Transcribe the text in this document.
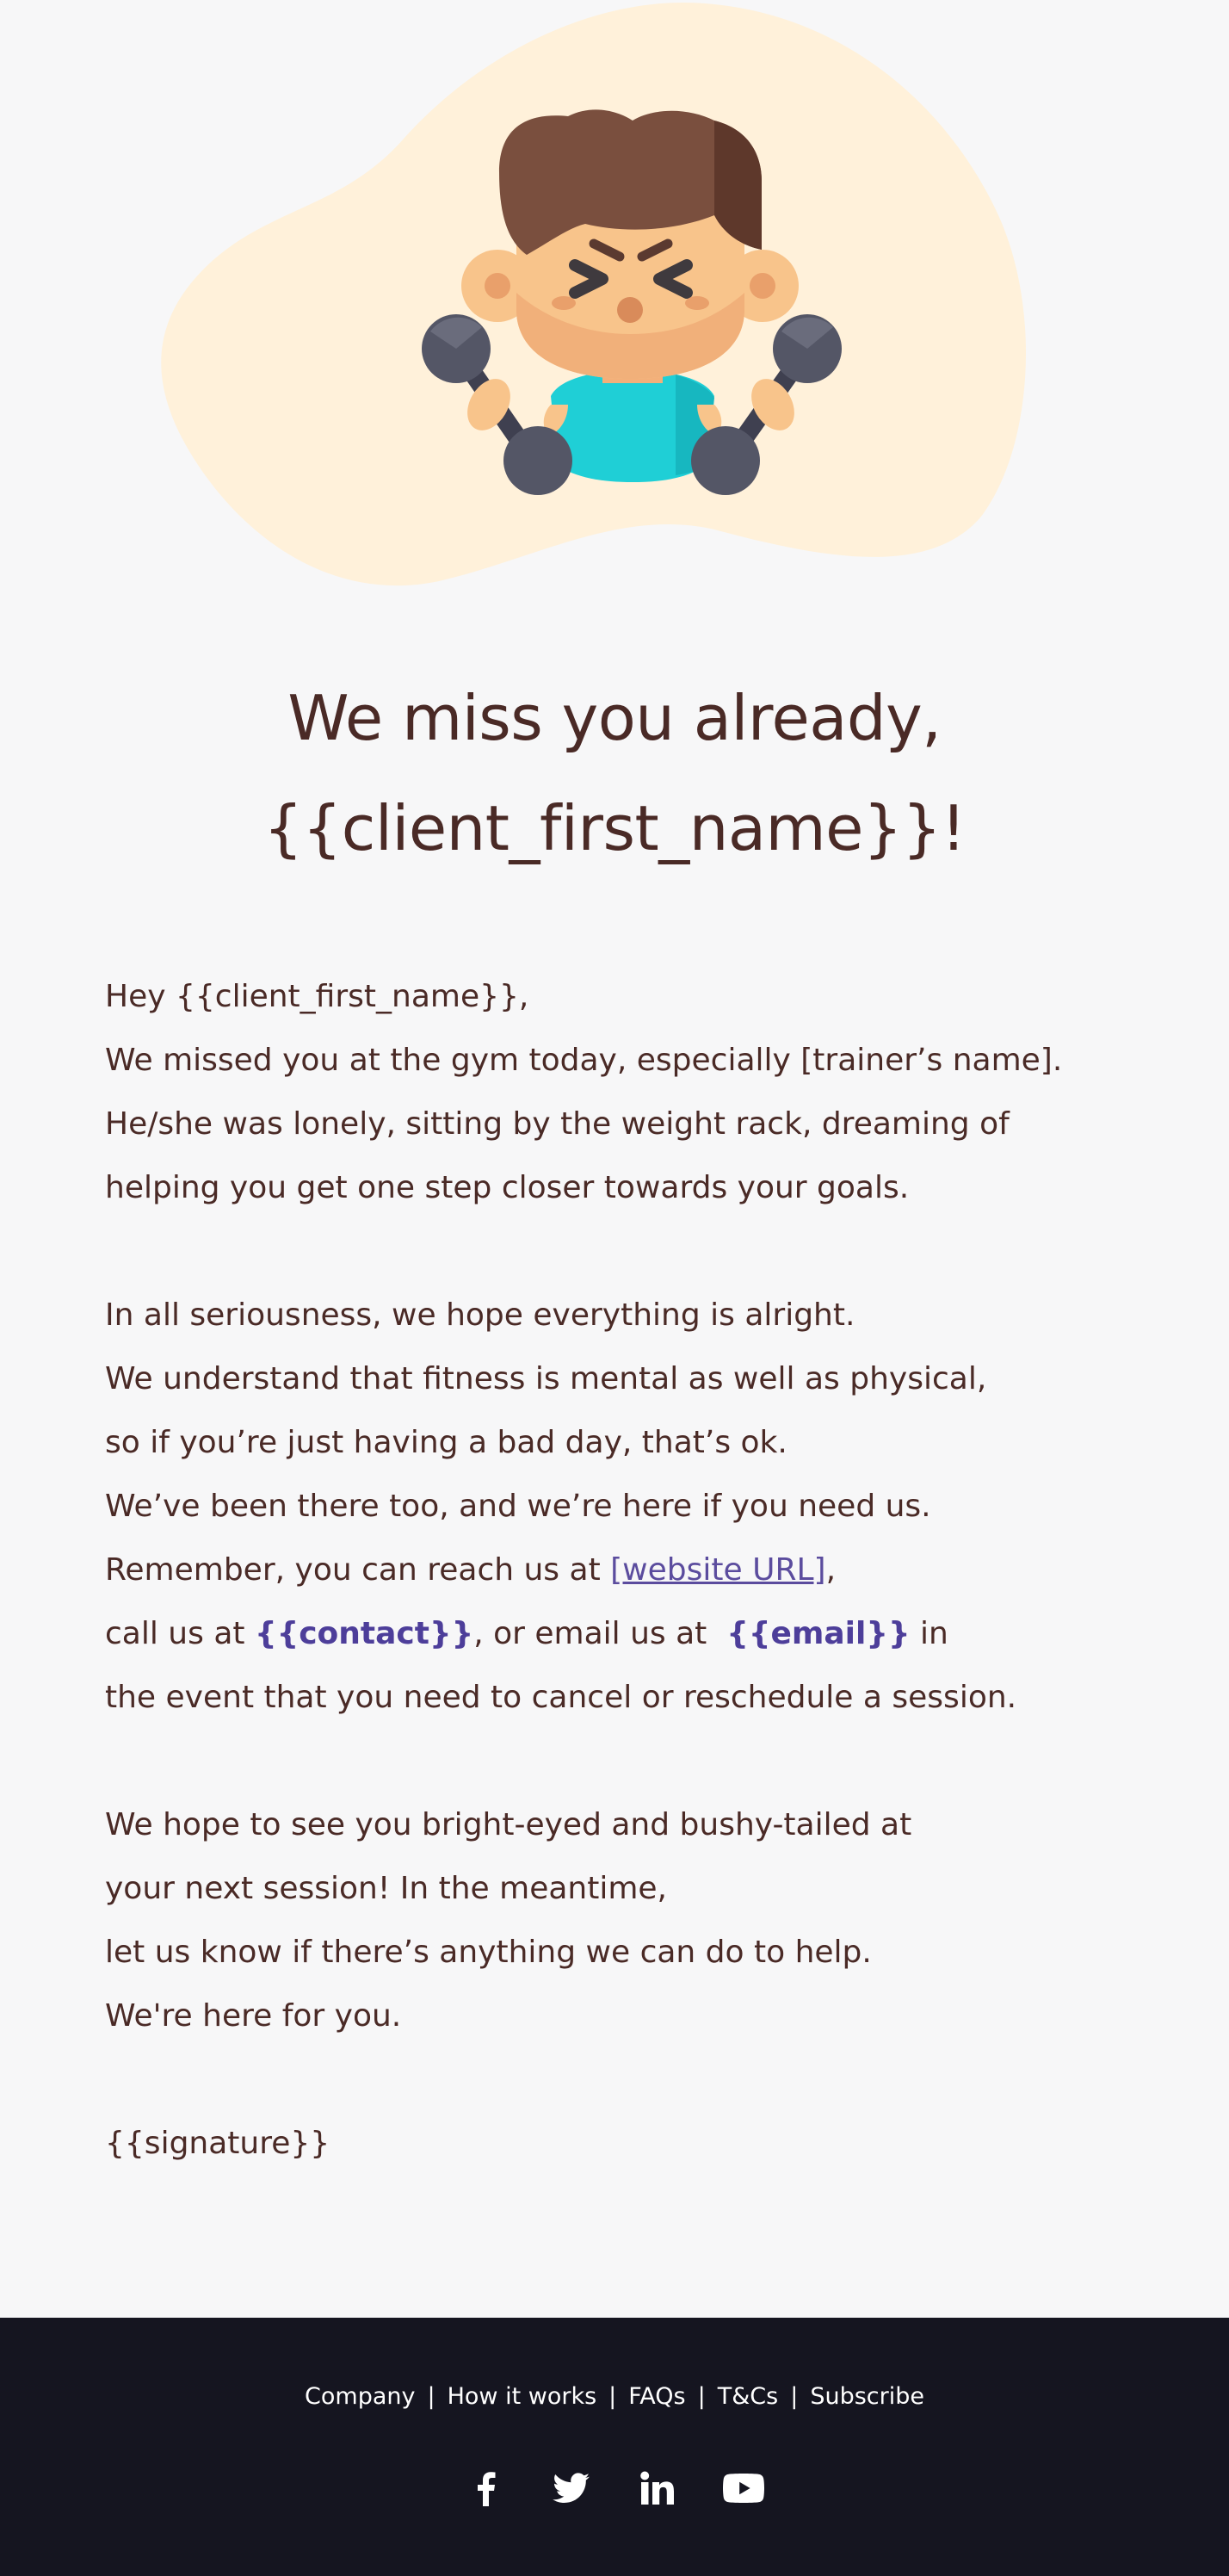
We miss you already,
{{client_first_name}}!
Hey {{client_first_name}},
We missed you at the gym today, especially [trainer’s name].
He/she was lonely, sitting by the weight rack, dreaming of
helping you get one step closer towards your goals.
In all seriousness, we hope everything is alright.
We understand that fitness is mental as well as physical,
so if you’re just having a bad day, that’s ok.
We’ve been there too, and we’re here if you need us.
Remember, you can reach us at [website URL],
call us at {{contact}}, or email us at  {{email}} in
the event that you need to cancel or reschedule a session.
We hope to see you bright-eyed and bushy-tailed at
your next session! In the meantime,
let us know if there’s anything we can do to help.
We're here for you.
{{signature}}
Company | How it works | FAQs | T&Cs | Subscribe
